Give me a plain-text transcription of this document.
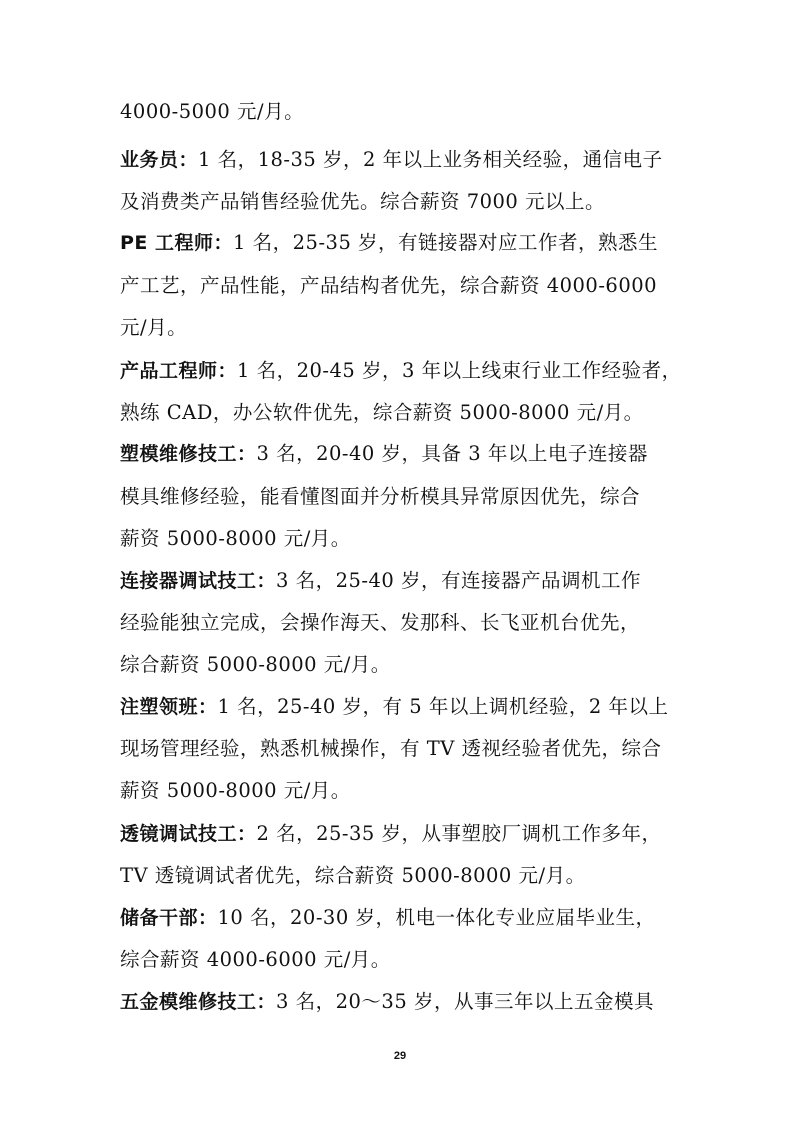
4000-5000 元/月。
业务员：1 名，18-35 岁，2 年以上业务相关经验，通信电子
及消费类产品销售经验优先。综合薪资 7000 元以上。
PE 工程师：1 名，25-35 岁，有链接器对应工作者，熟悉生
产工艺，产品性能，产品结构者优先，综合薪资 4000-6000
元/月。
产品工程师：1 名，20-45 岁，3 年以上线束行业工作经验者，
熟练 CAD，办公软件优先，综合薪资 5000-8000 元/月。
塑模维修技工：3 名，20-40 岁，具备 3 年以上电子连接器
模具维修经验，能看懂图面并分析模具异常原因优先，综合
薪资 5000-8000 元/月。
连接器调试技工：3 名，25-40 岁，有连接器产品调机工作
经验能独立完成，会操作海天、发那科、长飞亚机台优先，
综合薪资 5000-8000 元/月。
注塑领班：1 名，25-40 岁，有 5 年以上调机经验，2 年以上
现场管理经验，熟悉机械操作，有 TV 透视经验者优先，综合
薪资 5000-8000 元/月。
透镜调试技工：2 名，25-35 岁，从事塑胶厂调机工作多年，
TV 透镜调试者优先，综合薪资 5000-8000 元/月。
储备干部：10 名，20-30 岁，机电一体化专业应届毕业生，
综合薪资 4000-6000 元/月。
五金模维修技工：3 名，20～35 岁，从事三年以上五金模具
29
